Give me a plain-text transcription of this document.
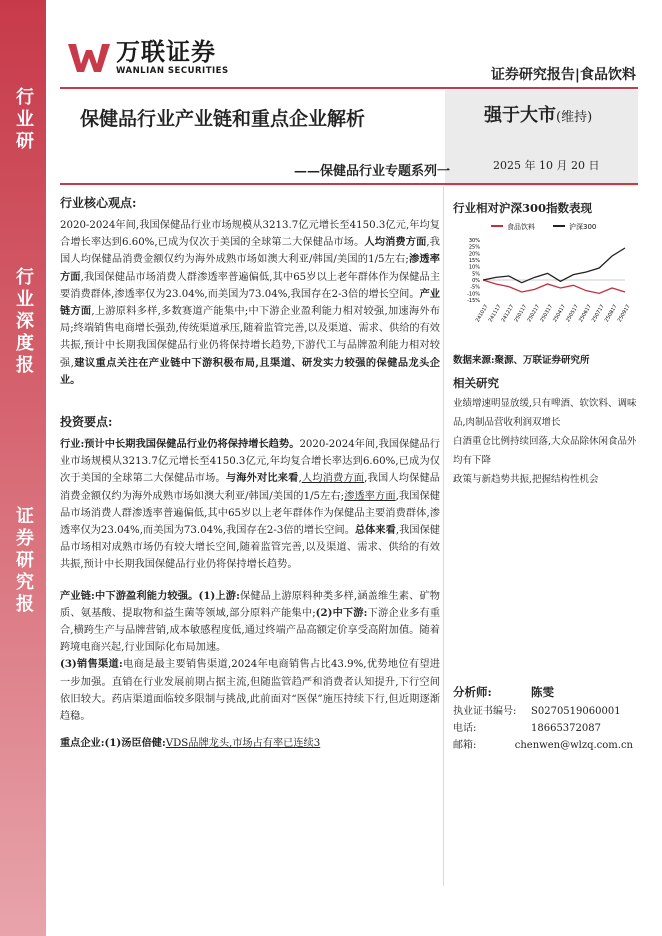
行业研
行业深度报
证券研究报
万联证券
WANLIAN SECURITIES	证券研究报告|食品饮料
保健品行业产业链和重点企业解析	强于大市(维持)
——保健品行业专题系列一	2025 年 10 月 20 日
行业核心观点:
2020-2024年间,我国保健品行业市场规模从3213.7亿元增长至4150.3亿元,年均复合增长率达到6.60%,已成为仅次于美国的全球第二大保健品市场。人均消费方面,我国人均保健品消费金额仅约为海外成熟市场如澳大利亚/韩国/美国的1/5左右;渗透率方面,我国保健品市场消费人群渗透率普遍偏低,其中65岁以上老年群体作为保健品主要消费群体,渗透率仅为23.04%,而美国为73.04%,我国存在2-3倍的增长空间。产业链方面,上游原料多样,多数赛道产能集中;中下游企业盈利能力相对较强,加速海外布局;终端销售电商增长强劲,传统渠道承压,随着监管完善,以及渠道、需求、供给的有效共振,预计中长期我国保健品行业仍将保持增长趋势,下游代工与品牌盈利能力相对较强,建议重点关注在产业链中下游积极布局,且渠道、研发实力较强的保健品龙头企业。
投资要点:
行业:预计中长期我国保健品行业仍将保持增长趋势。2020-2024年间,我国保健品行业市场规模从3213.7亿元增长至4150.3亿元,年均复合增长率达到6.60%,已成为仅次于美国的全球第二大保健品市场。与海外对比来看,人均消费方面,我国人均保健品消费金额仅约为海外成熟市场如澳大利亚/韩国/美国的1/5左右;渗透率方面,我国保健品市场消费人群渗透率普遍偏低,其中65岁以上老年群体作为保健品主要消费群体,渗透率仅为23.04%,而美国为73.04%,我国存在2-3倍的增长空间。总体来看,我国保健品市场相对成熟市场仍有较大增长空间,随着监管完善,以及渠道、需求、供给的有效共振,预计中长期我国保健品行业仍将保持增长趋势。
产业链:中下游盈利能力较强。(1)上游:保健品上游原料种类多样,涵盖维生素、矿物质、氨基酸、提取物和益生菌等领域,部分原料产能集中;(2)中下游:下游企业多有重合,横跨生产与品牌营销,成本敏感程度低,通过终端产品高额定价享受高附加值。随着跨境电商兴起,行业国际化布局加速。
(3)销售渠道:电商是最主要销售渠道,2024年电商销售占比43.9%,优势地位有望进一步加强。直销在行业发展前期占据主流,但随监管趋严和消费者认知提升,下行空间依旧较大。药店渠道面临较多限制与挑战,此前面对“医保”施压持续下行,但近期逐渐趋稳。
重点企业:(1)汤臣倍健:VDS品牌龙头,市场占有率已连续3
行业相对沪深300指数表现
食品饮料	沪深300
30%
25%
20%
15%
10%
5%
0%
-5%
-10%
-15%
241017
241117
241217
250117
250217
250317
250417
250517
250617
250717
250817
250917
数据来源:聚源、万联证券研究所
相关研究
业绩增速明显放缓,只有啤酒、软饮料、调味品,肉制品营收利润双增长
白酒重仓比例持续回落,大众品除休闲食品外均有下降
政策与新趋势共振,把握结构性机会
分析师:	陈雯
执业证书编号:	S0270519060001
电话:	18665372087
邮箱:	chenwen@wlzq.com.cn
